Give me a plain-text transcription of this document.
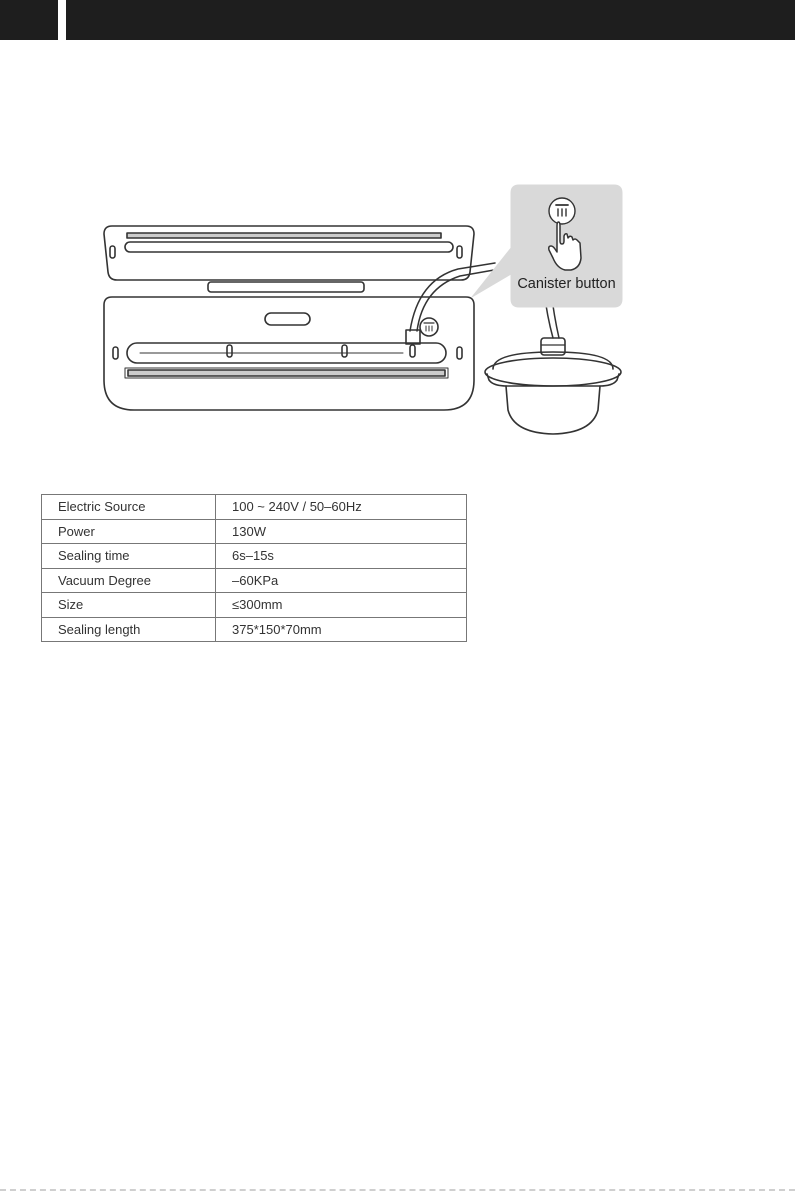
Canister button
Electric Source	100 ~ 240V / 50–60Hz
Power	130W
Sealing time	6s–15s
Vacuum Degree	–60KPa
Size	≤300mm
Sealing length	375*150*70mm
